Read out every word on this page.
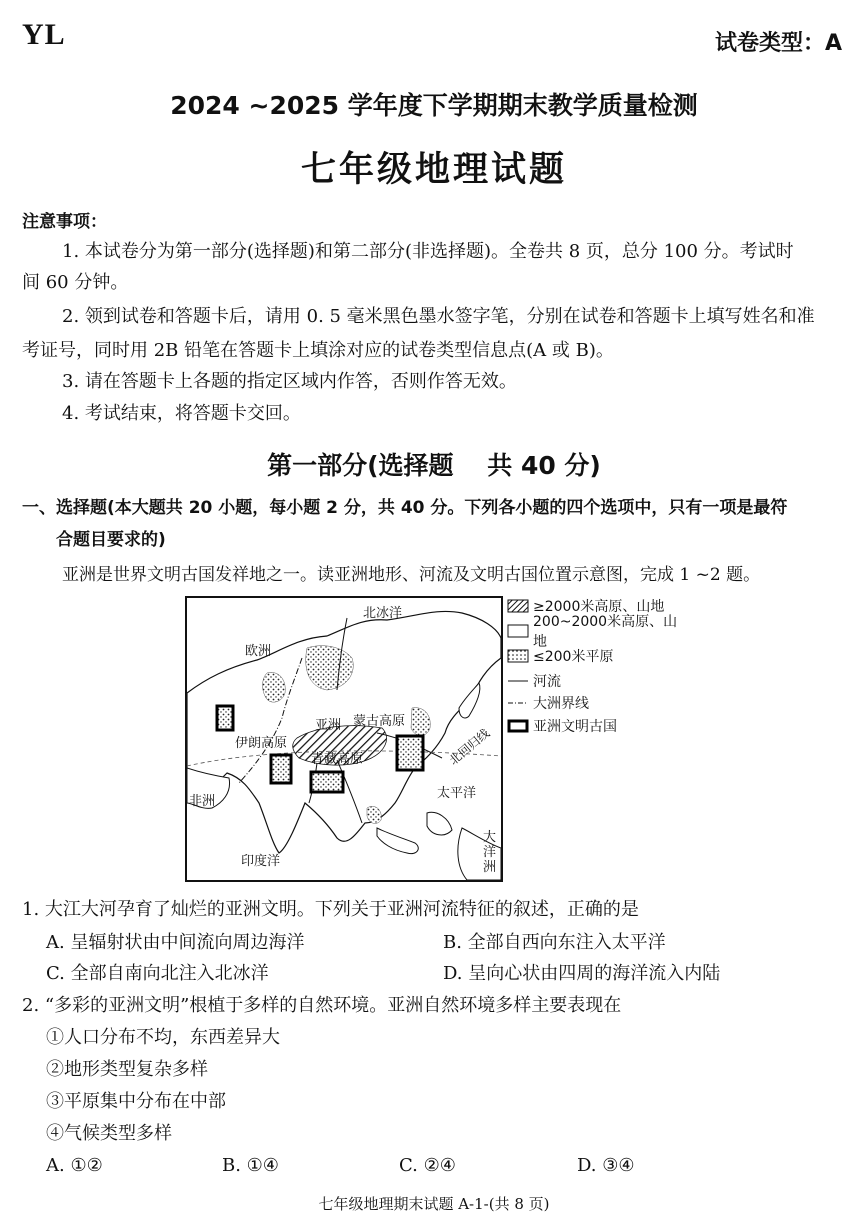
YL	试卷类型：A
2024 ~2025 学年度下学期期末教学质量检测
七年级地理试题
注意事项：
1. 本试卷分为第一部分(选择题)和第二部分(非选择题)。全卷共 8 页，总分 100 分。考试时
间 60 分钟。
2. 领到试卷和答题卡后，请用 0. 5 毫米黑色墨水签字笔，分别在试卷和答题卡上填写姓名和准
考证号，同时用 2B 铅笔在答题卡上填涂对应的试卷类型信息点(A 或 B)。
3. 请在答题卡上各题的指定区域内作答，否则作答无效。
4. 考试结束，将答题卡交回。
第一部分(选择题　 共 40 分)
一、选择题(本大题共 20 小题，每小题 2 分，共 40 分。下列各小题的四个选项中，只有一项是最符
合题目要求的)
亚洲是世界文明古国发祥地之一。读亚洲地形、河流及文明古国位置示意图，完成 1 ~2 题。
北冰洋
欧洲
亚洲 蒙古高原
伊朗高原
青藏高原	北回归线
非洲
太平洋
印度洋
大洋洲
≥2000米高原、山地
200~2000米高原、山地
≤200米平原
河流
大洲界线
亚洲文明古国
1. 大江大河孕育了灿烂的亚洲文明。下列关于亚洲河流特征的叙述，正确的是
A. 呈辐射状由中间流向周边海洋	B. 全部自西向东注入太平洋
C. 全部自南向北注入北冰洋	D. 呈向心状由四周的海洋流入内陆
2. “多彩的亚洲文明”根植于多样的自然环境。亚洲自然环境多样主要表现在
①人口分布不均，东西差异大
②地形类型复杂多样
③平原集中分布在中部
④气候类型多样
A. ①②	B. ①④	C. ②④	D. ③④
七年级地理期末试题 A-1-(共 8 页)
